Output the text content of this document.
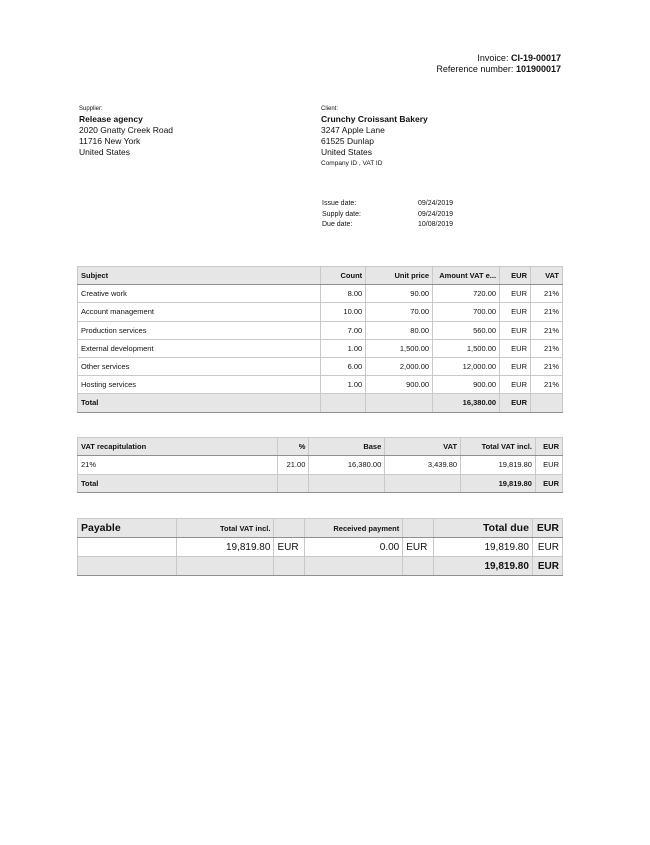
Invoice: CI-19-00017
Reference number: 101900017
Supplier:
Release agency
2020 Gnatty Creek Road
11716 New York
United States
Client:
Crunchy Croissant Bakery
3247 Apple Lane
61525 Dunlap
United States
Company ID , VAT ID
Issue date:	09/24/2019
Supply date:	09/24/2019
Due date:	10/08/2019
Subject	Count	Unit price	Amount VAT e...	EUR	VAT
Creative work	8.00	90.00	720.00	EUR	21%
Account management	10.00	70.00	700.00	EUR	21%
Production services	7.00	80.00	560.00	EUR	21%
External development	1.00	1,500.00	1,500.00	EUR	21%
Other services	6.00	2,000.00	12,000.00	EUR	21%
Hosting services	1.00	900.00	900.00	EUR	21%
Total			16,380.00	EUR	
VAT recapitulation	%	Base	VAT	Total VAT incl.	EUR
21%	21.00	16,380.00	3,439.80	19,819.80	EUR
Total				19,819.80	EUR
Payable	Total VAT incl.		Received payment		Total due	EUR
	19,819.80	EUR	0.00	EUR	19,819.80	EUR
					19,819.80	EUR
